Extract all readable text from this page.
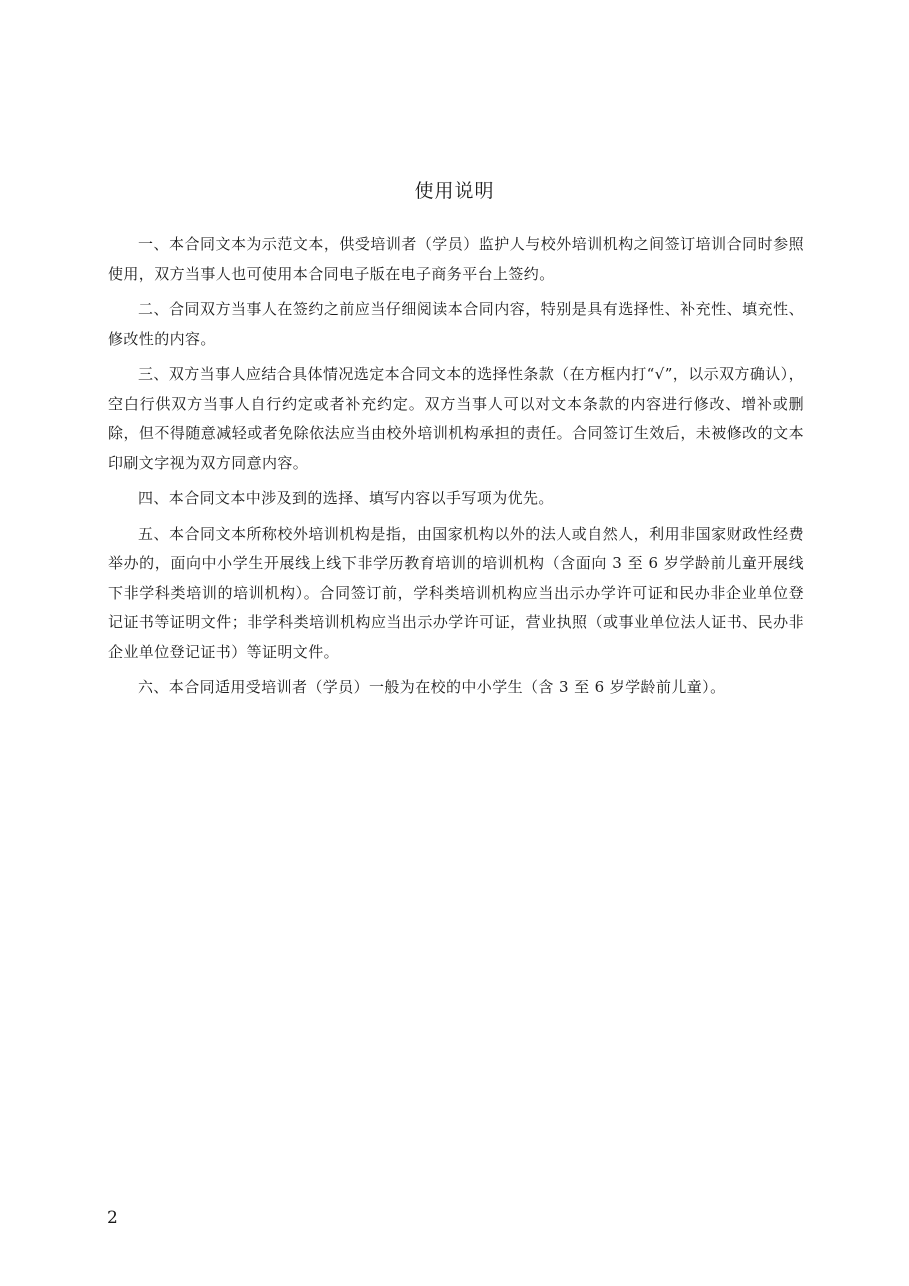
使用说明

一、本合同文本为示范文本，供受培训者（学员）监护人与校外培训机构之间签订培训合同时参照使用，双方当事人也可使用本合同电子版在电子商务平台上签约。

二、合同双方当事人在签约之前应当仔细阅读本合同内容，特别是具有选择性、补充性、填充性、修改性的内容。

三、双方当事人应结合具体情况选定本合同文本的选择性条款（在方框内打“√”，以示双方确认），空白行供双方当事人自行约定或者补充约定。双方当事人可以对文本条款的内容进行修改、增补或删除，但不得随意减轻或者免除依法应当由校外培训机构承担的责任。合同签订生效后，未被修改的文本印刷文字视为双方同意内容。

四、本合同文本中涉及到的选择、填写内容以手写项为优先。

五、本合同文本所称校外培训机构是指，由国家机构以外的法人或自然人，利用非国家财政性经费举办的，面向中小学生开展线上线下非学历教育培训的培训机构（含面向 3 至 6 岁学龄前儿童开展线下非学科类培训的培训机构）。合同签订前，学科类培训机构应当出示办学许可证和民办非企业单位登记证书等证明文件；非学科类培训机构应当出示办学许可证，营业执照（或事业单位法人证书、民办非企业单位登记证书）等证明文件。

六、本合同适用受培训者（学员）一般为在校的中小学生（含 3 至 6 岁学龄前儿童）。

2
